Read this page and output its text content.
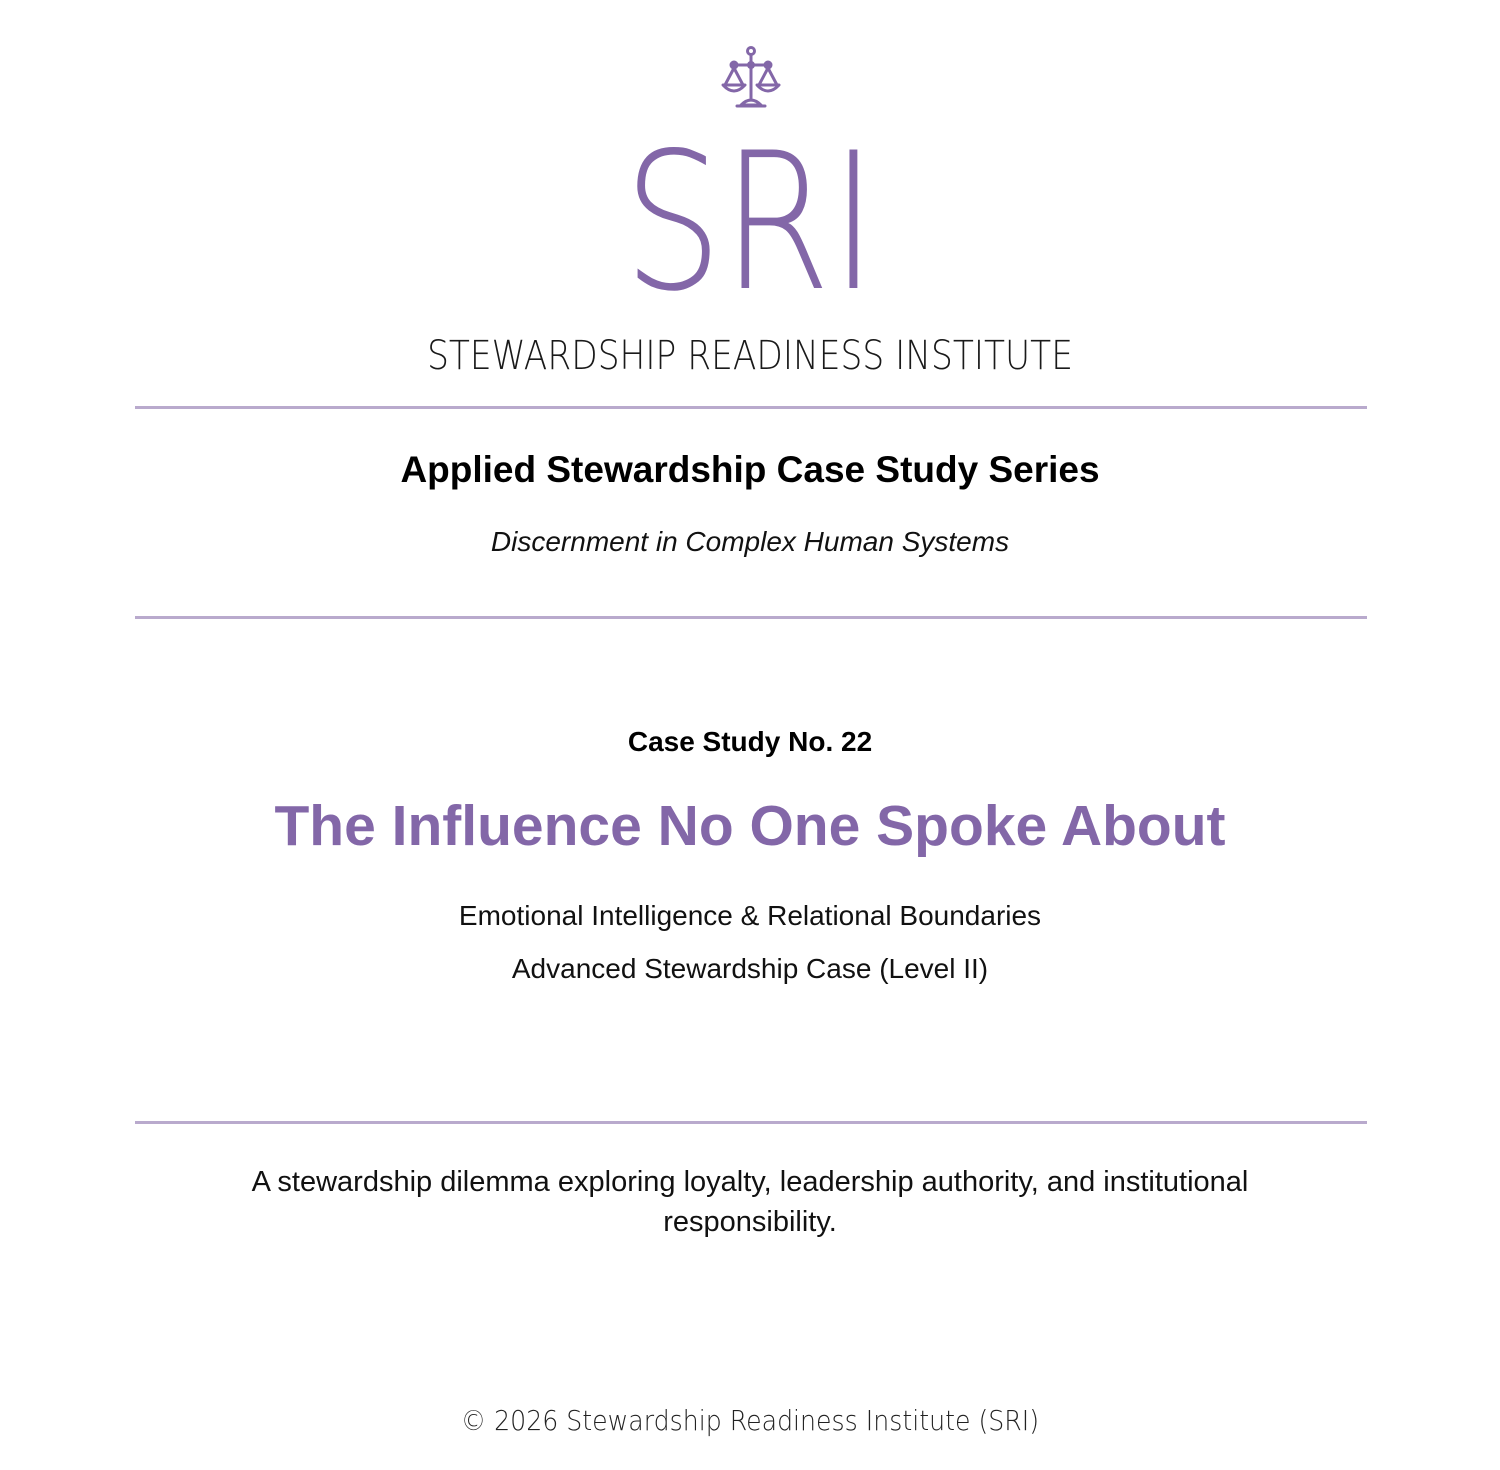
SRI
STEWARDSHIP READINESS INSTITUTE
Applied Stewardship Case Study Series
Discernment in Complex Human Systems
Case Study No. 22
The Influence No One Spoke About
Emotional Intelligence & Relational Boundaries
Advanced Stewardship Case (Level II)
A stewardship dilemma exploring loyalty, leadership authority, and institutional responsibility.
© 2026 Stewardship Readiness Institute (SRI)
